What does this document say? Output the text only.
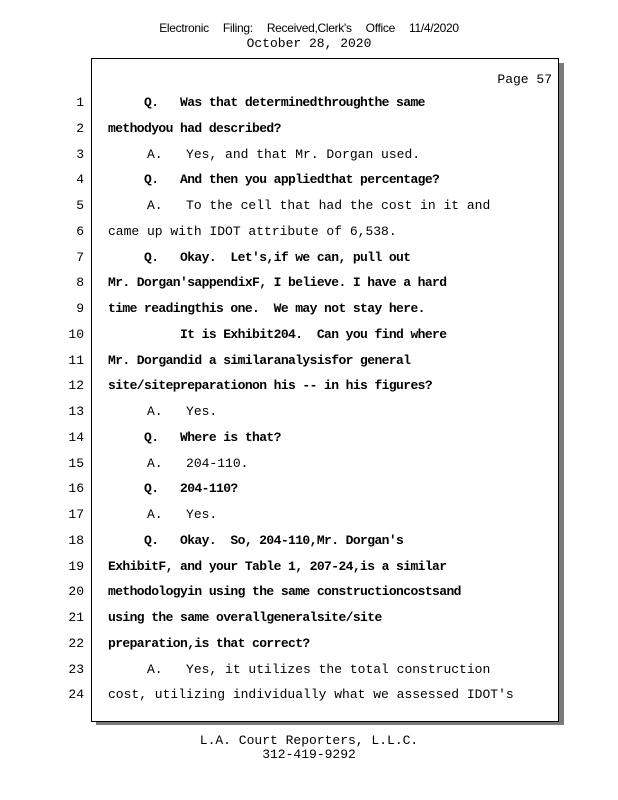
Electronic Filing: Received,Clerk's Office 11/4/2020
October 28, 2020
Page 57
1 Q.   Was that determinedthroughthe same
2 methodyou had described?
3 A.   Yes, and that Mr. Dorgan used.
4 Q.   And then you appliedthat percentage?
5 A.   To the cell that had the cost in it and
6 came up with IDOT attribute of 6,538.
7 Q.   Okay.  Let's,if we can, pull out
8 Mr. Dorgan'sappendixF, I believe. I have a hard
9 time readingthis one.  We may not stay here.
10 It is Exhibit204.  Can you find where
11 Mr. Dorgandid a similaranalysisfor general
12 site/sitepreparationon his -- in his figures?
13 A.   Yes.
14 Q.   Where is that?
15 A.   204-110.
16 Q.   204-110?
17 A.   Yes.
18 Q.   Okay.  So, 204-110,Mr. Dorgan's
19 ExhibitF, and your Table 1, 207-24,is a similar
20 methodologyin using the same constructioncostsand
21 using the same overallgeneralsite/site
22 preparation,is that correct?
23 A.   Yes, it utilizes the total construction
24 cost, utilizing individually what we assessed IDOT's
L.A. Court Reporters, L.L.C.
312-419-9292
